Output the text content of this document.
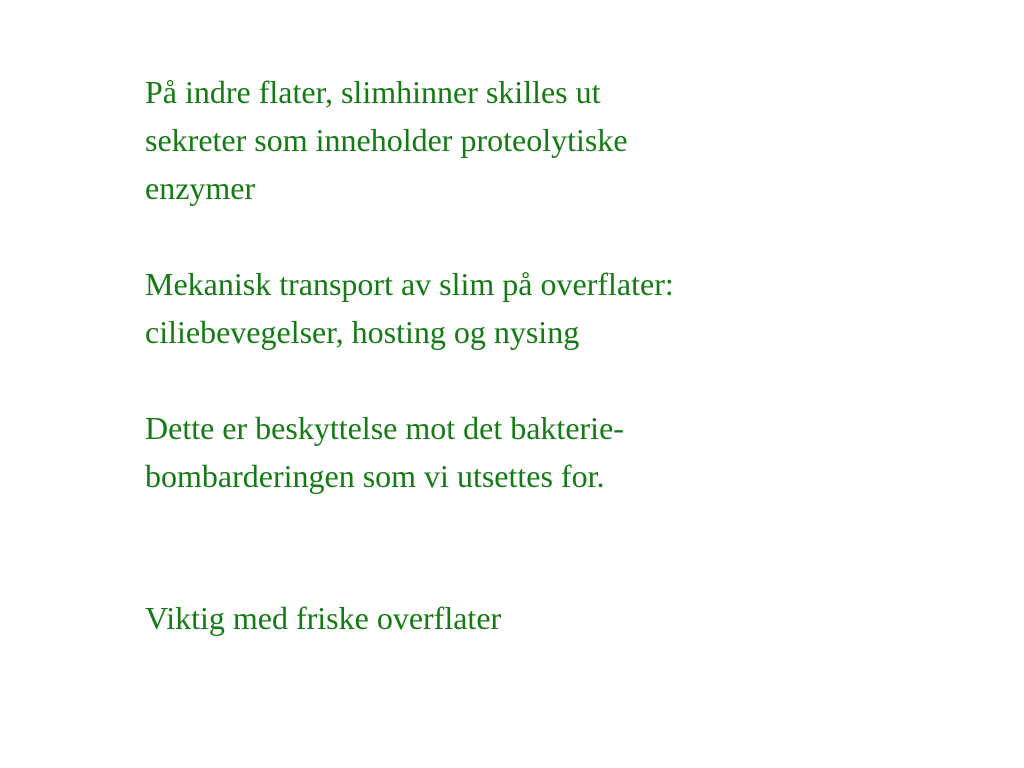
På indre flater, slimhinner skilles ut

sekreter som inneholder proteolytiske

enzymer

Mekanisk transport av slim på overflater:

ciliebevegelser, hosting og nysing

Dette er beskyttelse mot det bakterie-

bombarderingen som vi utsettes for.

Viktig med friske overflater
